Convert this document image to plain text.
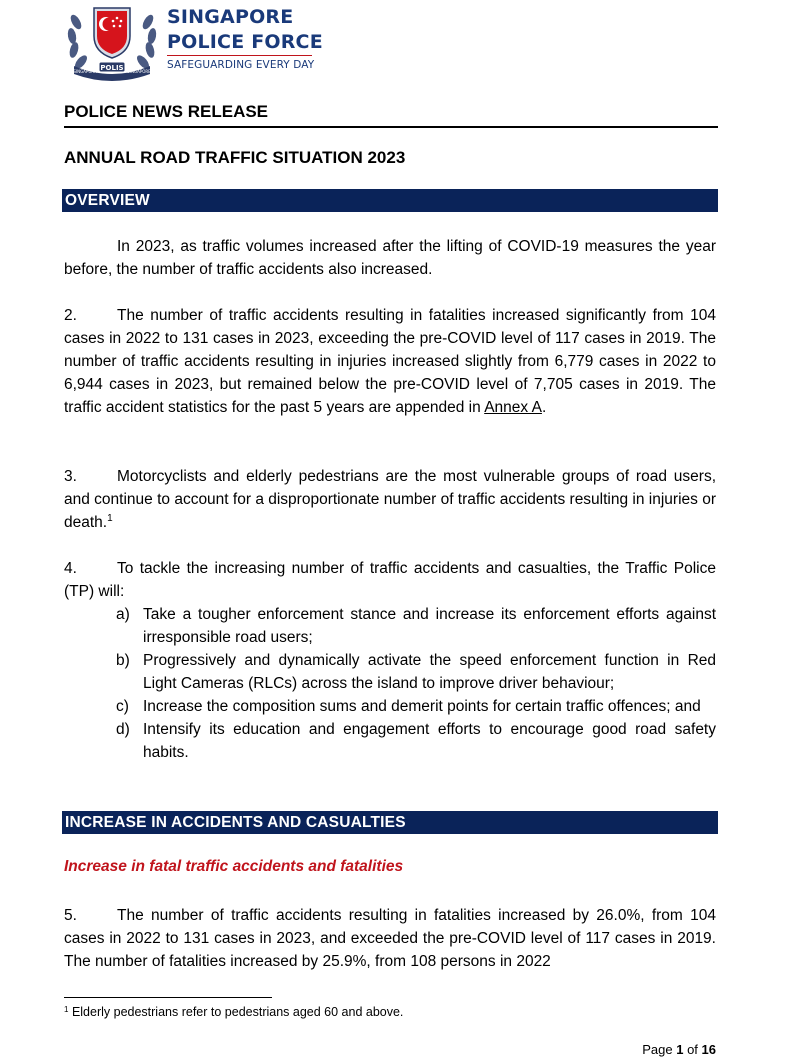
POLIS
SINGAPURA	SINGAPORE
SINGAPORE
POLICE FORCE
SAFEGUARDING EVERY DAY
POLICE NEWS RELEASE
ANNUAL ROAD TRAFFIC SITUATION 2023
OVERVIEW
In 2023, as traffic volumes increased after the lifting of COVID-19 measures the year before, the number of traffic accidents also increased.
2.	The number of traffic accidents resulting in fatalities increased significantly from 104 cases in 2022 to 131 cases in 2023, exceeding the pre-COVID level of 117 cases in 2019. The number of traffic accidents resulting in injuries increased slightly from 6,779 cases in 2022 to 6,944 cases in 2023, but remained below the pre-COVID level of 7,705 cases in 2019. The traffic accident statistics for the past 5 years are appended in Annex A.
3.	Motorcyclists and elderly pedestrians are the most vulnerable groups of road users, and continue to account for a disproportionate number of traffic accidents resulting in injuries or death.$^1$
4.	To tackle the increasing number of traffic accidents and casualties, the Traffic Police (TP) will:
a) Take a tougher enforcement stance and increase its enforcement efforts against irresponsible road users;
b) Progressively and dynamically activate the speed enforcement function in Red Light Cameras (RLCs) across the island to improve driver behaviour;
c) Increase the composition sums and demerit points for certain traffic offences; and
d) Intensify its education and engagement efforts to encourage good road safety habits.
INCREASE IN ACCIDENTS AND CASUALTIES
Increase in fatal traffic accidents and fatalities
5.	The number of traffic accidents resulting in fatalities increased by 26.0%, from 104 cases in 2022 to 131 cases in 2023, and exceeded the pre-COVID level of 117 cases in 2019. The number of fatalities increased by 25.9%, from 108 persons in 2022
$^1$ Elderly pedestrians refer to pedestrians aged 60 and above.
Page 1 of 16
